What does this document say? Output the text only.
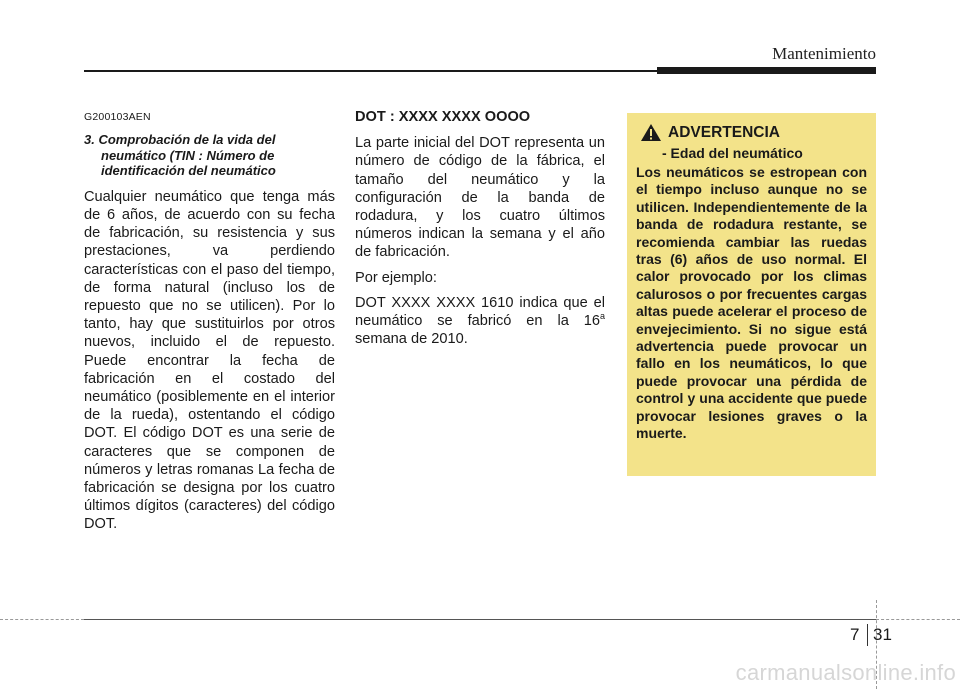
Mantenimiento

G200103AEN

3. Comprobación de la vida del neumático (TIN : Número de identificación del neumático

Cualquier neumático que tenga más de 6 años, de acuerdo con su fecha de fabricación, su resistencia y sus prestaciones, va perdiendo características con el paso del tiempo, de forma natural (incluso los de repuesto que no se utilicen). Por lo tanto, hay que sustituirlos por otros nuevos, incluido el de repuesto. Puede encontrar la fecha de fabricación en el costado del neumático (posiblemente en el interior de la rueda), ostentando el código DOT. El código DOT es una serie de caracteres que se componen de números y letras romanas La fecha de fabricación se designa por los cuatro últimos dígitos (caracteres) del código DOT.

DOT : XXXX XXXX OOOO

La parte inicial del DOT representa un número de código de la fábrica, el tamaño del neumático y la configuración de la banda de rodadura, y los cuatro últimos números indican la semana y el año de fabricación.

Por ejemplo:

DOT XXXX XXXX 1610 indica que el neumático se fabricó en la 16$^a$ semana de 2010.

ADVERTENCIA
- Edad del neumático

Los neumáticos se estropean con el tiempo incluso aunque no se utilicen. Independientemente de la banda de rodadura restante, se recomienda cambiar las ruedas tras (6) años de uso normal. El calor provocado por los climas calurosos o por frecuentes cargas altas puede acelerar el proceso de envejecimiento. Si no sigue está advertencia puede provocar un fallo en los neumáticos, lo que puede provocar una pérdida de control y una accidente que puede provocar lesiones graves o la muerte.

7 31
carmanualsonline.info
